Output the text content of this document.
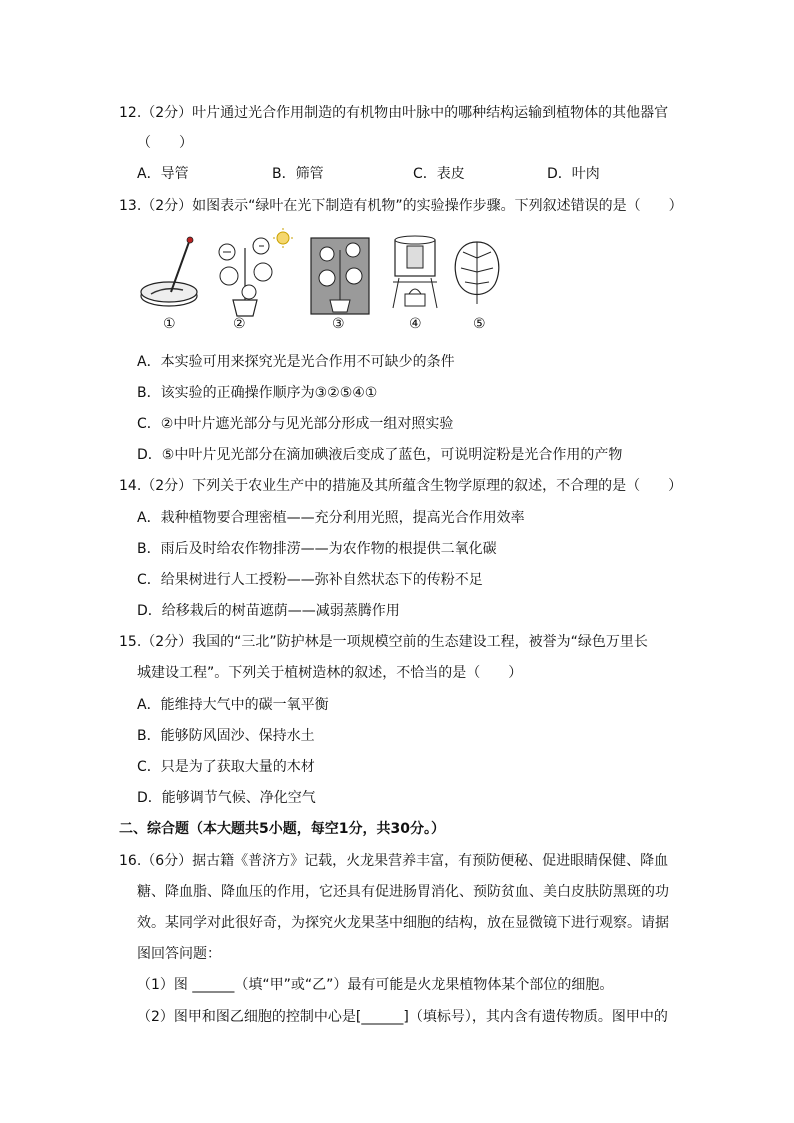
12.（2分）叶片通过光合作用制造的有机物由叶脉中的哪种结构运输到植物体的其他器官
（　　）
A．导管	B．筛管	C．表皮	D．叶肉
13.（2分）如图表示“绿叶在光下制造有机物”的实验操作步骤。下列叙述错误的是（　　）
①	②	③	④	⑤
A．本实验可用来探究光是光合作用不可缺少的条件
B．该实验的正确操作顺序为③②⑤④①
C．②中叶片遮光部分与见光部分形成一组对照实验
D．⑤中叶片见光部分在滴加碘液后变成了蓝色，可说明淀粉是光合作用的产物
14.（2分）下列关于农业生产中的措施及其所蕴含生物学原理的叙述，不合理的是（　　）
A．栽种植物要合理密植——充分利用光照，提高光合作用效率
B．雨后及时给农作物排涝——为农作物的根提供二氧化碳
C．给果树进行人工授粉——弥补自然状态下的传粉不足
D．给移栽后的树苗遮荫——减弱蒸腾作用
15.（2分）我国的“三北”防护林是一项规模空前的生态建设工程，被誉为“绿色万里长
城建设工程”。下列关于植树造林的叙述，不恰当的是（　　）
A．能维持大气中的碳一氧平衡
B．能够防风固沙、保持水土
C．只是为了获取大量的木材
D．能够调节气候、净化空气
二、综合题（本大题共5小题，每空1分，共30分。）
16.（6分）据古籍《普济方》记载，火龙果营养丰富，有预防便秘、促进眼睛保健、降血
糖、降血脂、降血压的作用，它还具有促进肠胃消化、预防贫血、美白皮肤防黑斑的功
效。某同学对此很好奇，为探究火龙果茎中细胞的结构，放在显微镜下进行观察。请据
图回答问题：
（1）图 ______（填“甲”或“乙”）最有可能是火龙果植物体某个部位的细胞。
（2）图甲和图乙细胞的控制中心是[______]（填标号），其内含有遗传物质。图甲中的
